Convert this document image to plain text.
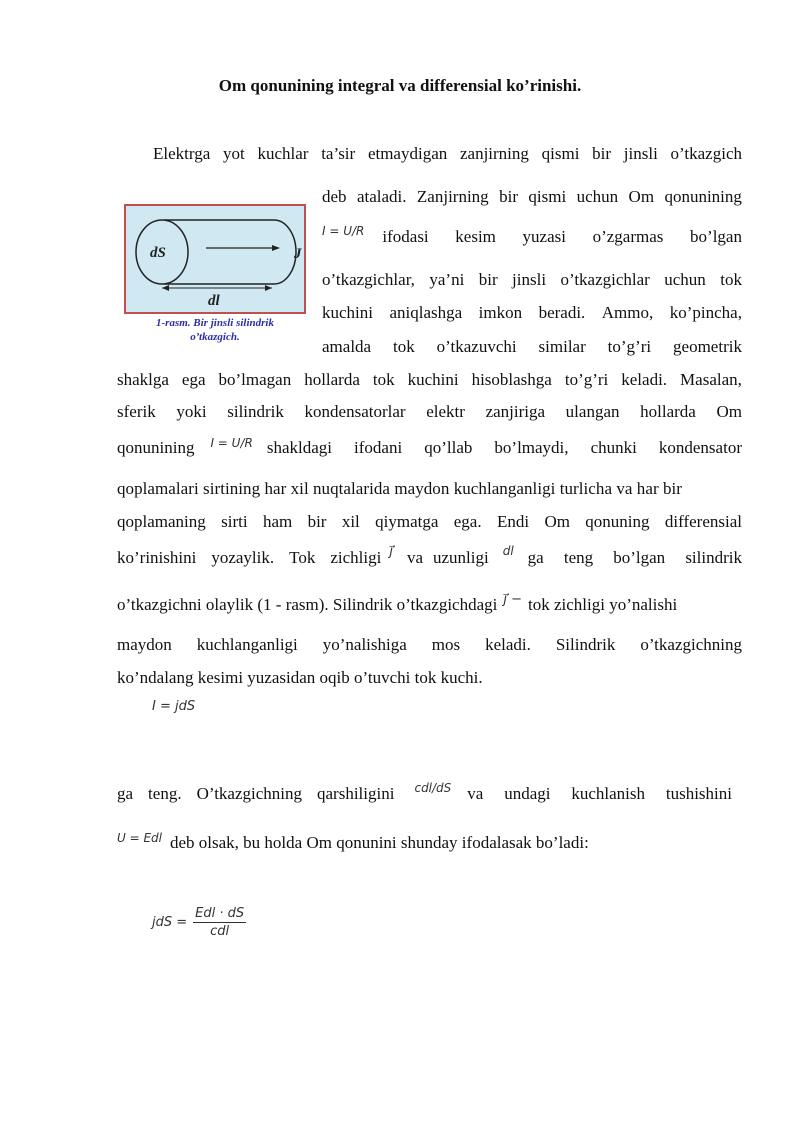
Om qonunining integral va differensial ko’rinishi.
Elektrga yot kuchlar ta’sir etmaydigan zanjirning qismi bir jinsli o’tkazgich
deb ataladi. Zanjirning bir qismi uchun Om qonunining
I = U/R ifodasi kesim yuzasi o’zgarmas bo’lgan
o’tkazgichlar, ya’ni bir jinsli o’tkazgichlar uchun tok
kuchini aniqlashga imkon beradi. Ammo, ko’pincha,
amalda tok o’tkazuvchi similar to’g’ri geometrik
shaklga ega bo’lmagan hollarda tok kuchini hisoblashga to’g’ri keladi. Masalan,
sferik yoki silindrik kondensatorlar elektr zanjiriga ulangan hollarda Om
qonunining I = U/R shakldagi ifodani qo’llab bo’lmaydi, chunki kondensator
qoplamalari sirtining har xil nuqtalarida maydon kuchlanganligi turlicha va har bir
qoplamaning sirti ham bir xil qiymatga ega. Endi Om qonuning differensial
ko’rinishini yozaylik. Tok zichligi j⃗ va uzunligi dl ga teng bo’lgan silindrik
o’tkazgichni olaylik (1 - rasm). Silindrik o’tkazgichdagi j⃗ − tok zichligi yo’nalishi
maydon kuchlanganligi yo’nalishiga mos keladi. Silindrik o’tkazgichning
ko’ndalang kesimi yuzasidan oqib o’tuvchi tok kuchi.
I = jdS
ga teng. O’tkazgichning qarshiligini cdl/dS va undagi kuchlanish tushishini
U = Edl deb olsak, bu holda Om qonunini shunday ifodalasak bo’ladi:
jdS = $\frac{\text{Edl · dS}}{\text{cdl}}$
dS	J
dl
1-rasm. Bir jinsli silindrik
o’tkazgich.
